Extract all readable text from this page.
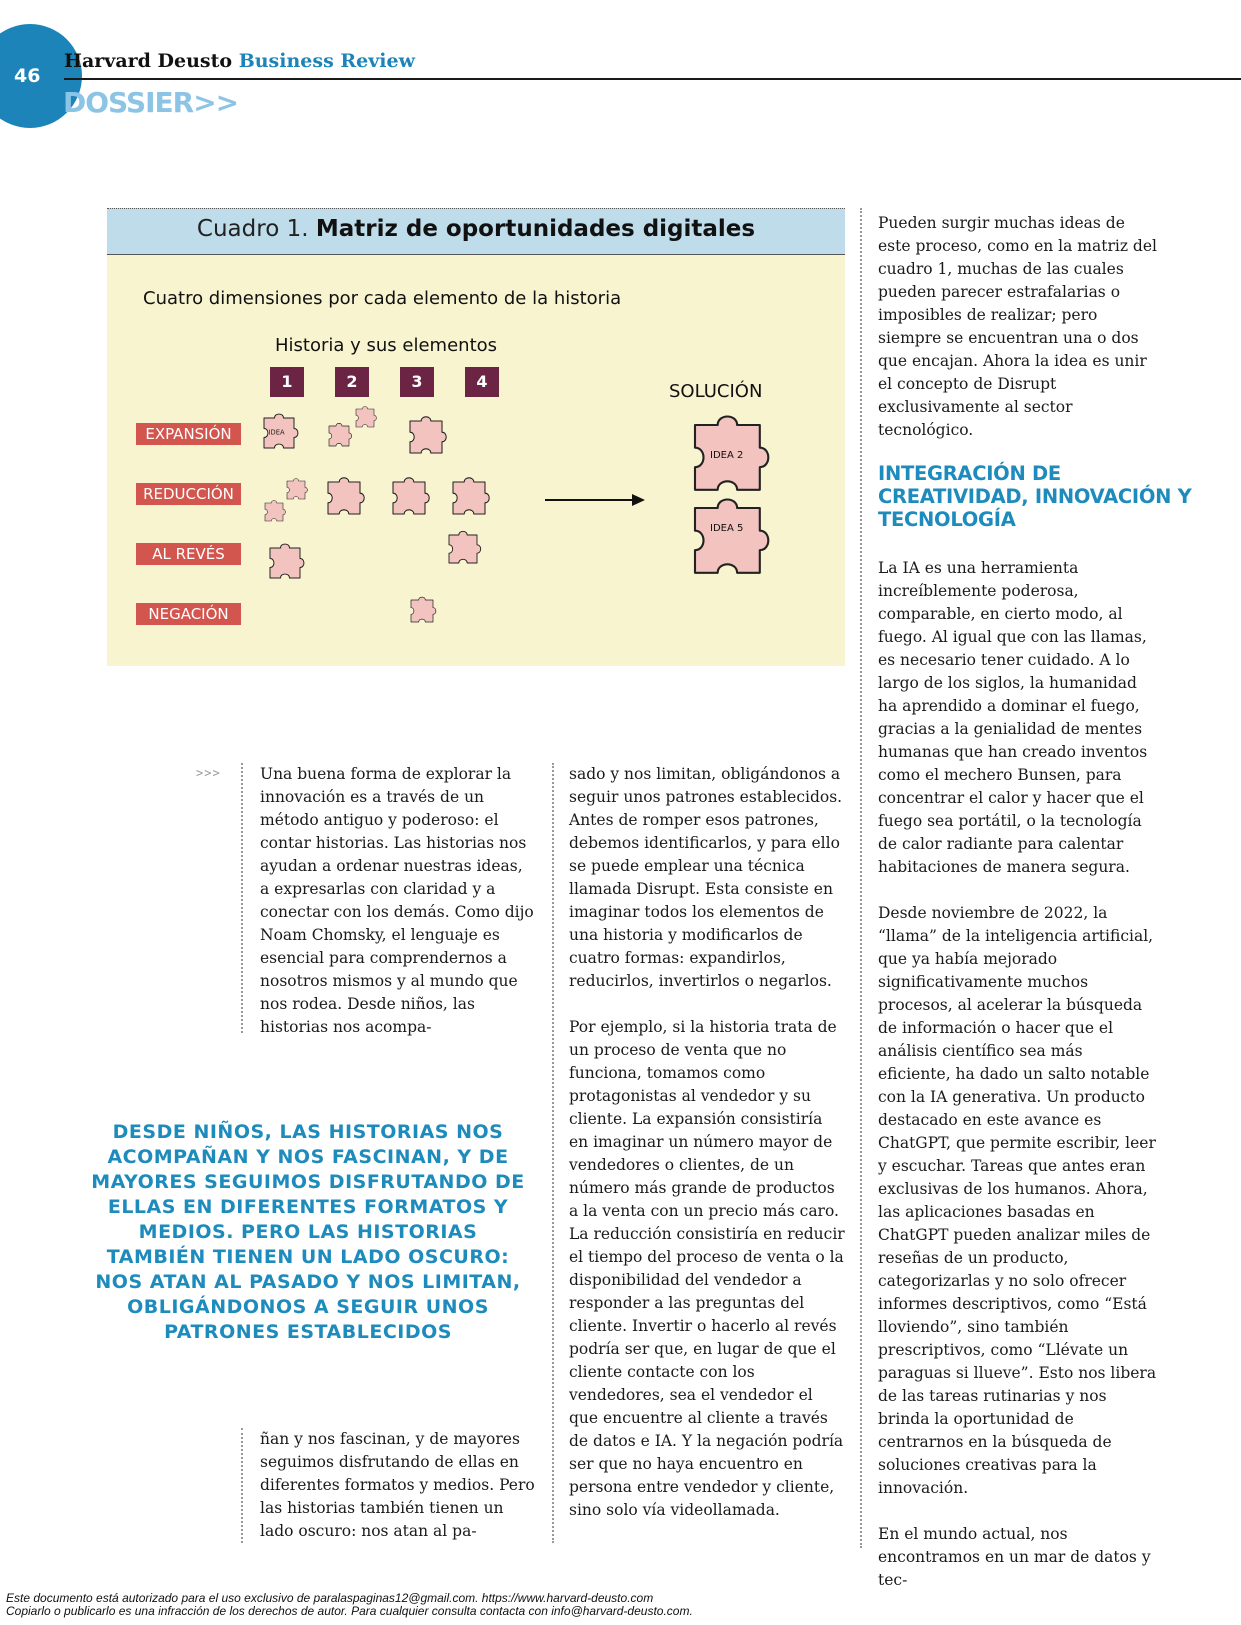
46
Harvard Deusto Business Review
DOSSIER>>
Cuadro 1. Matriz de oportunidades digitales
Cuatro dimensiones por cada elemento de la historia
Historia y sus elementos
1	2	3	4
EXPANSIÓN
REDUCCIÓN
AL REVÉS
NEGACIÓN
SOLUCIÓN
IDEA
IDEA 2
IDEA 5
>>>	Una buena forma de explorar la innovación es a través de un método antiguo y poderoso: el contar historias. Las historias nos ayudan a ordenar nuestras ideas, a expresarlas con claridad y a conectar con los demás. Como dijo Noam Chomsky, el lenguaje es esencial para comprendernos a nosotros mismos y al mundo que nos rodea. Desde niños, las historias nos acompa-

DESDE NIÑOS, LAS HISTORIAS NOS ACOMPAÑAN Y NOS FASCINAN, Y DE MAYORES SEGUIMOS DISFRUTANDO DE ELLAS EN DIFERENTES FORMATOS Y MEDIOS. PERO LAS HISTORIAS TAMBIÉN TIENEN UN LADO OSCURO: NOS ATAN AL PASADO Y NOS LIMITAN, OBLIGÁNDONOS A SEGUIR UNOS PATRONES ESTABLECIDOS

ñan y nos fascinan, y de mayores seguimos disfrutando de ellas en diferentes formatos y medios. Pero las historias también tienen un lado oscuro: nos atan al pa-

sado y nos limitan, obligándonos a seguir unos patrones establecidos. Antes de romper esos patrones, debemos identificarlos, y para ello se puede emplear una técnica llamada Disrupt. Esta consiste en imaginar todos los elementos de una historia y modificarlos de cuatro formas: expandirlos, reducirlos, invertirlos o negarlos.

Por ejemplo, si la historia trata de un proceso de venta que no funciona, tomamos como protagonistas al vendedor y su cliente. La expansión consistiría en imaginar un número mayor de vendedores o clientes, de un número más grande de productos a la venta con un precio más caro. La reducción consistiría en reducir el tiempo del proceso de venta o la disponibilidad del vendedor a responder a las preguntas del cliente. Invertir o hacerlo al revés podría ser que, en lugar de que el cliente contacte con los vendedores, sea el vendedor el que encuentre al cliente a través de datos e IA. Y la negación podría ser que no haya encuentro en persona entre vendedor y cliente, sino solo vía videollamada.

Pueden surgir muchas ideas de este proceso, como en la matriz del cuadro 1, muchas de las cuales pueden parecer estrafalarias o imposibles de realizar; pero siempre se encuentran una o dos que encajan. Ahora la idea es unir el concepto de Disrupt exclusivamente al sector tecnológico.

INTEGRACIÓN DE CREATIVIDAD, INNOVACIÓN Y TECNOLOGÍA

La IA es una herramienta increíblemente poderosa, comparable, en cierto modo, al fuego. Al igual que con las llamas, es necesario tener cuidado. A lo largo de los siglos, la humanidad ha aprendido a dominar el fuego, gracias a la genialidad de mentes humanas que han creado inventos como el mechero Bunsen, para concentrar el calor y hacer que el fuego sea portátil, o la tecnología de calor radiante para calentar habitaciones de manera segura.

Desde noviembre de 2022, la “llama” de la inteligencia artificial, que ya había mejorado significativamente muchos procesos, al acelerar la búsqueda de información o hacer que el análisis científico sea más eficiente, ha dado un salto notable con la IA generativa. Un producto destacado en este avance es ChatGPT, que permite escribir, leer y escuchar. Tareas que antes eran exclusivas de los humanos. Ahora, las aplicaciones basadas en ChatGPT pueden analizar miles de reseñas de un producto, categorizarlas y no solo ofrecer informes descriptivos, como “Está lloviendo”, sino también prescriptivos, como “Llévate un paraguas si llueve”. Esto nos libera de las tareas rutinarias y nos brinda la oportunidad de centrarnos en la búsqueda de soluciones creativas para la innovación.

En el mundo actual, nos encontramos en un mar de datos y tec-

Este documento está autorizado para el uso exclusivo de paralaspaginas12@gmail.com. https://www.harvard-deusto.com
Copiarlo o publicarlo es una infracción de los derechos de autor. Para cualquier consulta contacta con info@harvard-deusto.com.
